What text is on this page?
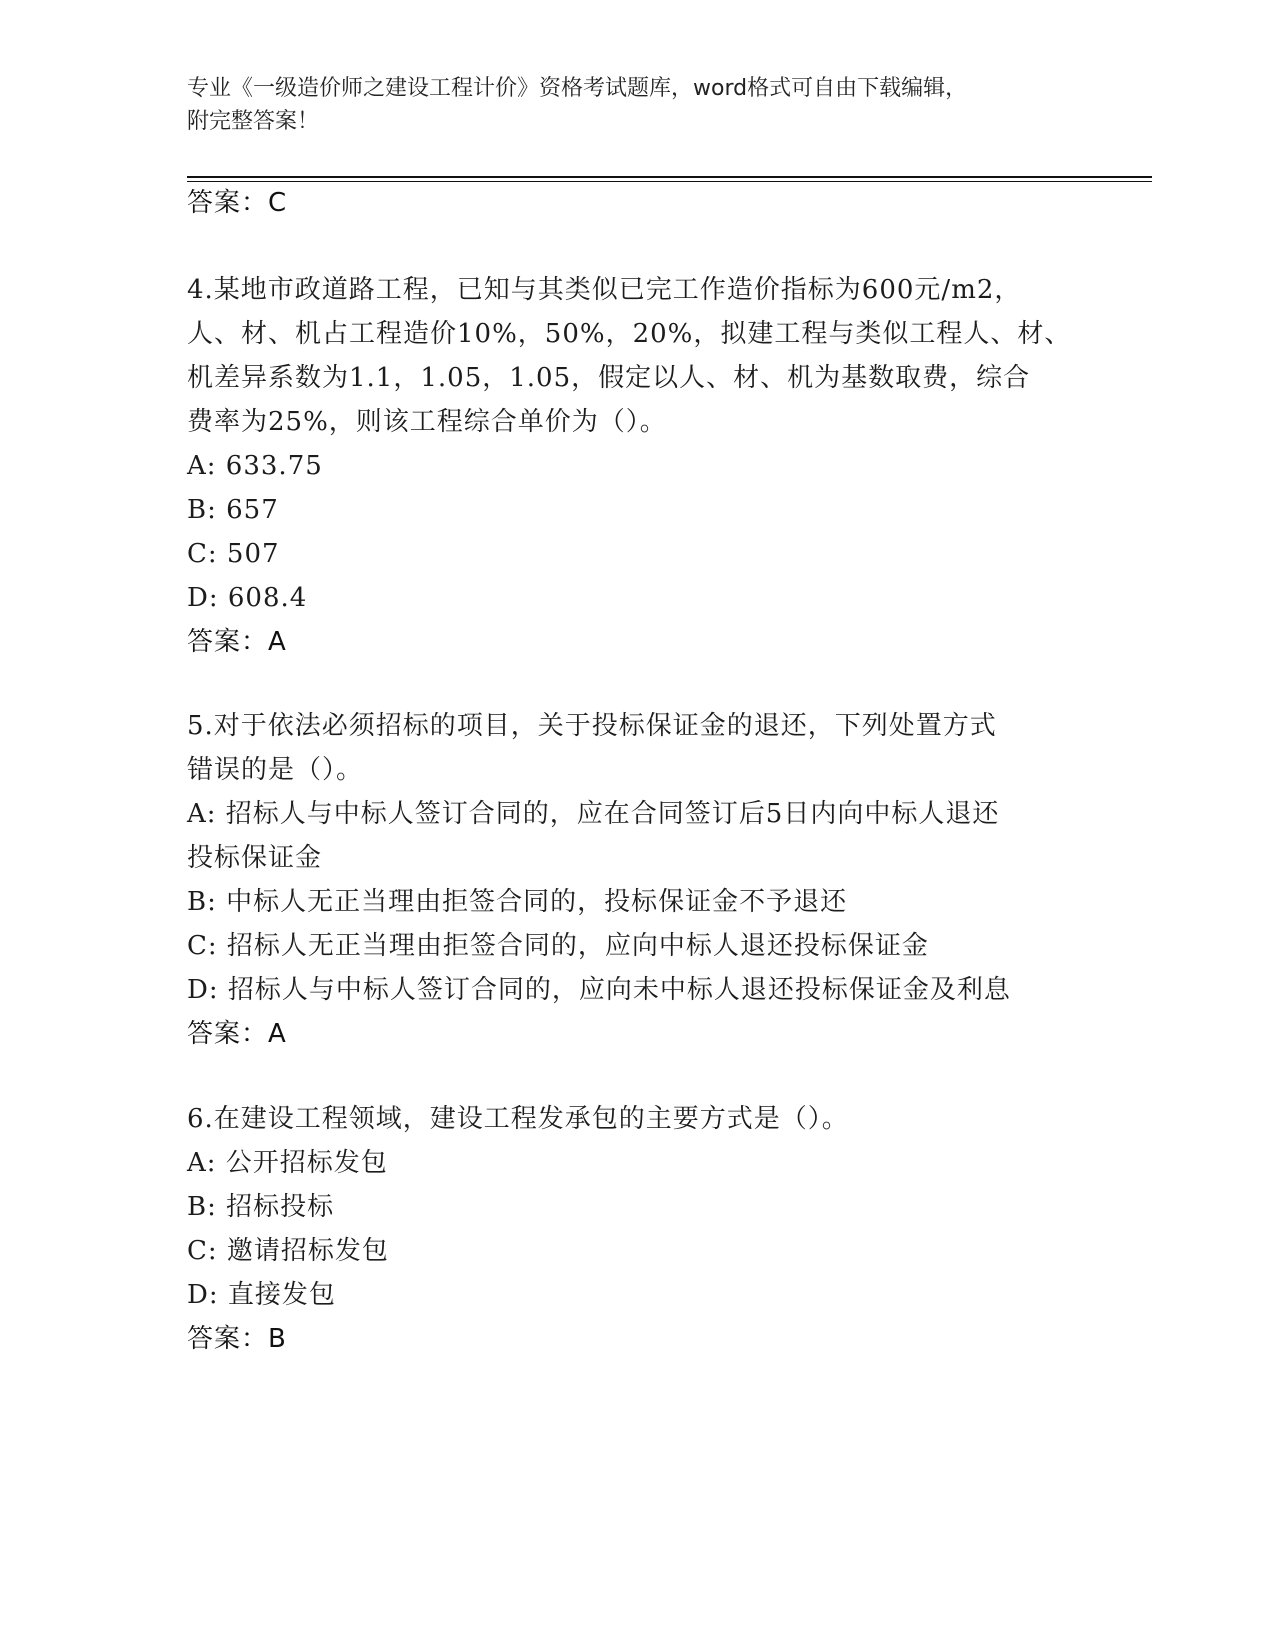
专业《一级造价师之建设工程计价》资格考试题库，word格式可自由下载编辑，
附完整答案！
答案：C
4.某地市政道路工程，已知与其类似已完工作造价指标为600元/m2，
人、材、机占工程造价10%，50%，20%，拟建工程与类似工程人、材、
机差异系数为1.1，1.05，1.05，假定以人、材、机为基数取费，综合
费率为25%，则该工程综合单价为（）。
A: 633.75
B: 657
C: 507
D: 608.4
答案：A
5.对于依法必须招标的项目，关于投标保证金的退还，下列处置方式
错误的是（）。
A: 招标人与中标人签订合同的，应在合同签订后5日内向中标人退还
投标保证金
B: 中标人无正当理由拒签合同的，投标保证金不予退还
C: 招标人无正当理由拒签合同的，应向中标人退还投标保证金
D: 招标人与中标人签订合同的，应向未中标人退还投标保证金及利息
答案：A
6.在建设工程领域，建设工程发承包的主要方式是（）。
A: 公开招标发包
B: 招标投标
C: 邀请招标发包
D: 直接发包
答案：B
